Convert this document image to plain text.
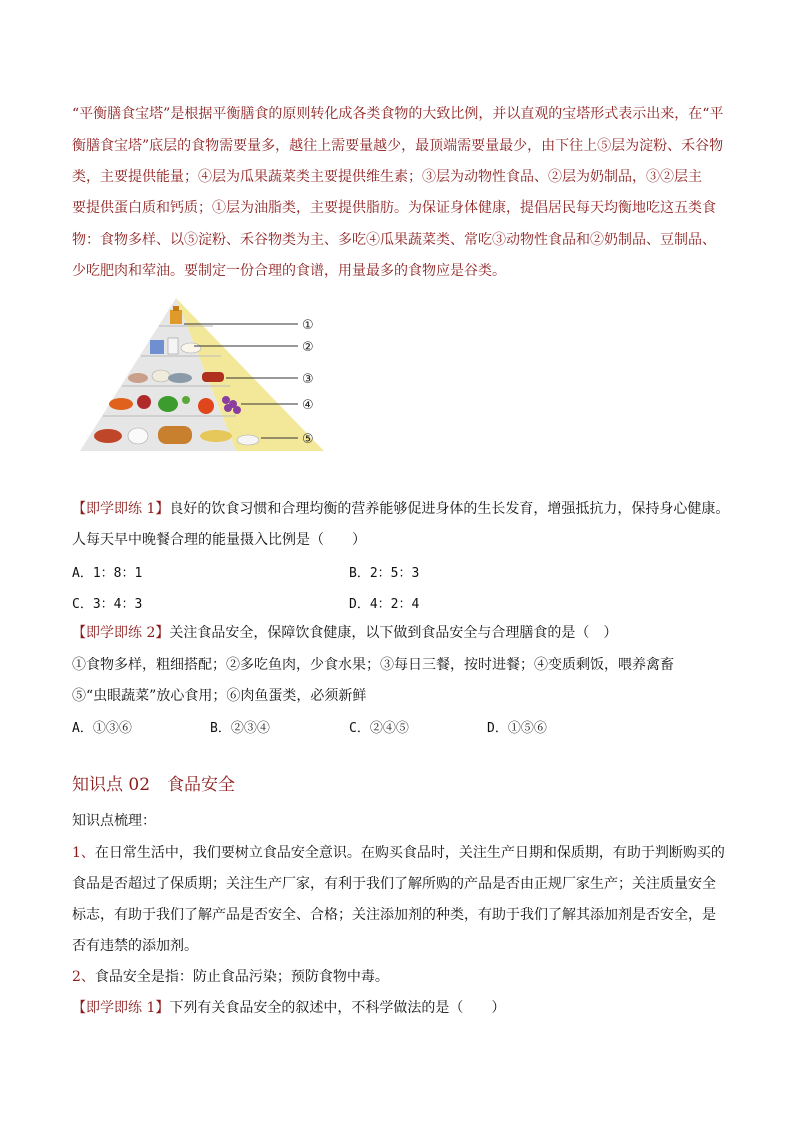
“平衡膳食宝塔”是根据平衡膳食的原则转化成各类食物的大致比例，并以直观的宝塔形式表示出来，在“平
衡膳食宝塔”底层的食物需要量多，越往上需要量越少，最顶端需要量最少，由下往上⑤层为淀粉、禾谷物
类，主要提供能量；④层为瓜果蔬菜类主要提供维生素；③层为动物性食品、②层为奶制品，③②层主
要提供蛋白质和钙质；①层为油脂类，主要提供脂肪。为保证身体健康，提倡居民每天均衡地吃这五类食
物：食物多样、以⑤淀粉、禾谷物类为主、多吃④瓜果蔬菜类、常吃③动物性食品和②奶制品、豆制品、
少吃肥肉和荤油。要制定一份合理的食谱，用量最多的食物应是谷类。
①
②
③
④
⑤
【即学即练 1】良好的饮食习惯和合理均衡的营养能够促进身体的生长发育，增强抵抗力，保持身心健康。
人每天早中晚餐合理的能量摄入比例是（　　）
A．1：8：1	B．2：5：3
C．3：4：3	D．4：2：4
【即学即练 2】关注食品安全，保障饮食健康，以下做到食品安全与合理膳食的是（　）
①食物多样，粗细搭配；②多吃鱼肉，少食水果；③每日三餐，按时进餐；④变质剩饭，喂养禽畜
⑤“虫眼蔬菜”放心食用；⑥肉鱼蛋类，必须新鲜
A．①③⑥	B．②③④	C．②④⑤	D．①⑤⑥
知识点 02　食品安全
知识点梳理：
1、在日常生活中，我们要树立食品安全意识。在购买食品时，关注生产日期和保质期，有助于判断购买的
食品是否超过了保质期；关注生产厂家，有利于我们了解所购的产品是否由正规厂家生产；关注质量安全
标志，有助于我们了解产品是否安全、合格；关注添加剂的种类，有助于我们了解其添加剂是否安全，是
否有违禁的添加剂。
2、食品安全是指：防止食品污染；预防食物中毒。
【即学即练 1】下列有关食品安全的叙述中，不科学做法的是（　　）
